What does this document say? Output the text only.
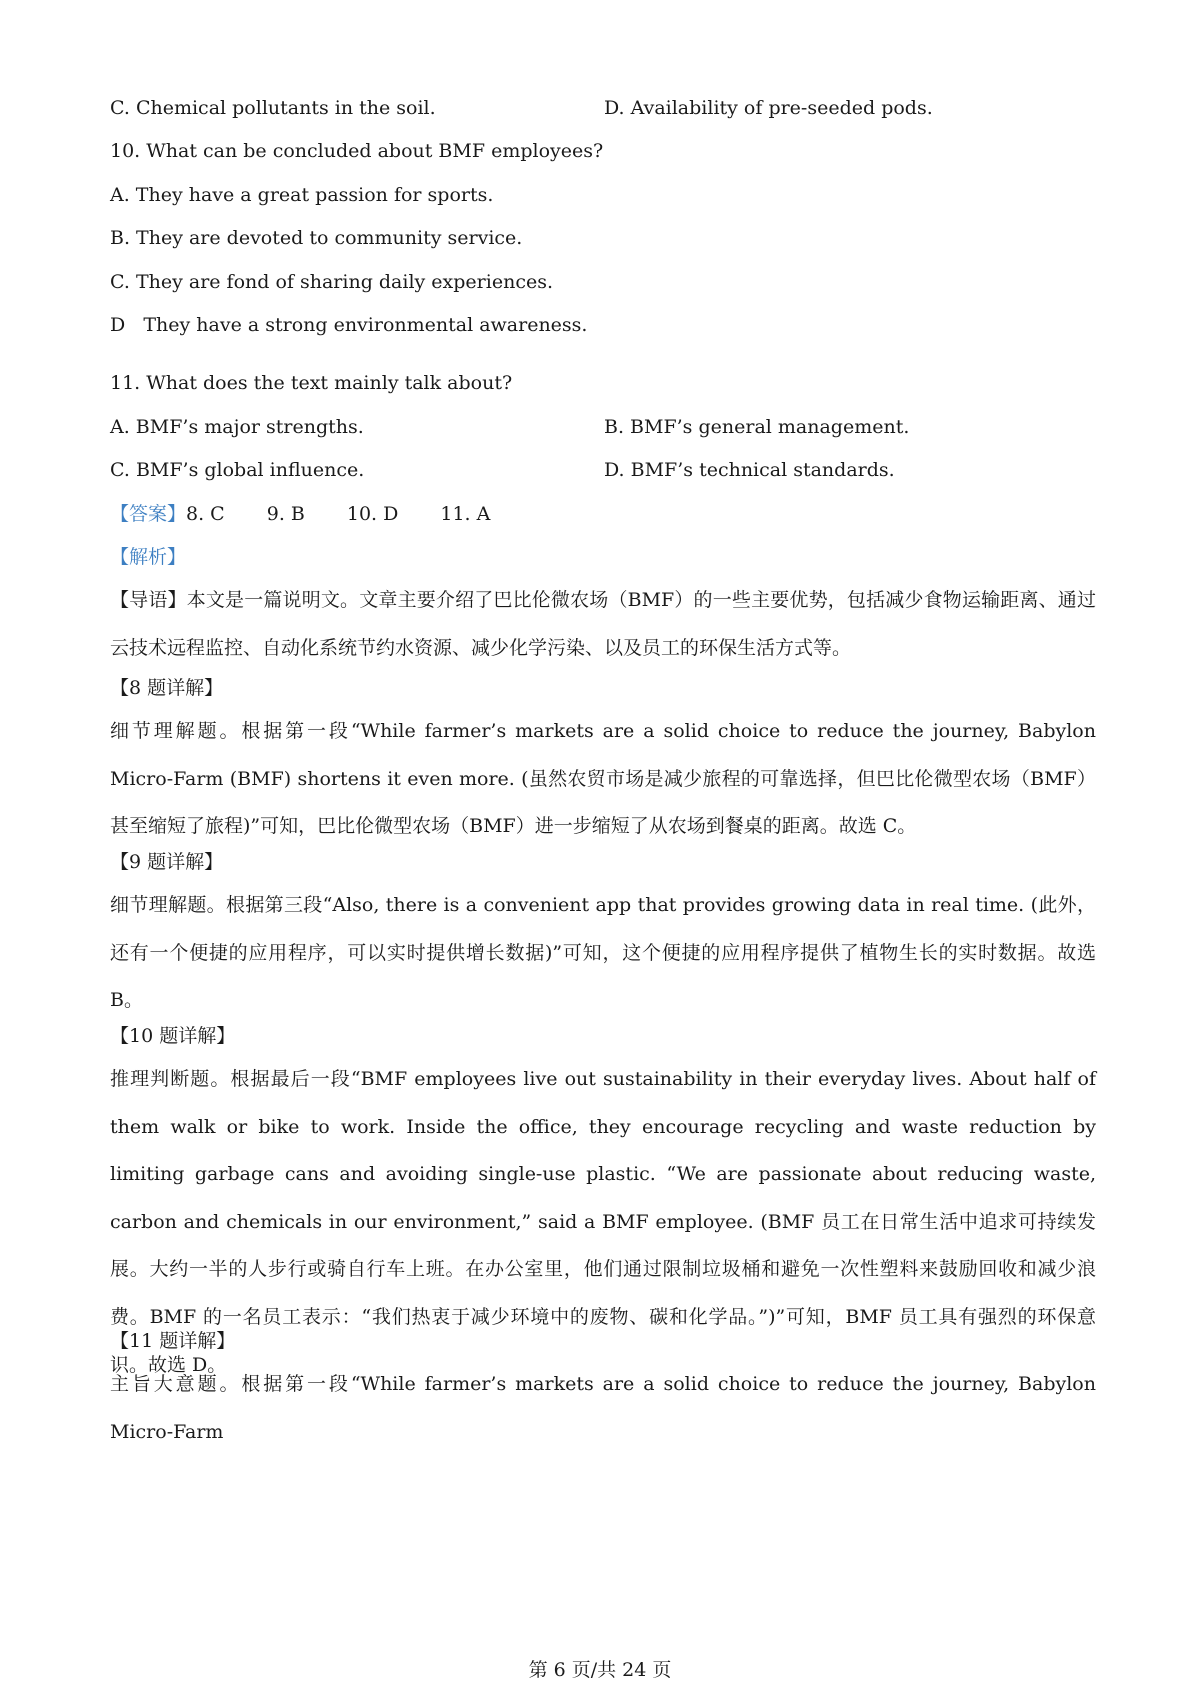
C. Chemical pollutants in the soil.	D. Availability of pre-seeded pods.
10. What can be concluded about BMF employees?
A. They have a great passion for sports.
B. They are devoted to community service.
C. They are fond of sharing daily experiences.
D   They have a strong environmental awareness.
11. What does the text mainly talk about?
A. BMF’s major strengths.	B. BMF’s general management.
C. BMF’s global influence.	D. BMF’s technical standards.
【答案】8. C 9. B 10. D 11. A
【解析】
【导语】本文是一篇说明文。文章主要介绍了巴比伦微农场（BMF）的一些主要优势，包括减少食物运输距离、通过云技术远程监控、自动化系统节约水资源、减少化学污染、以及员工的环保生活方式等。
【8 题详解】
细节理解题。根据第一段“While farmer’s markets are a solid choice to reduce the journey, Babylon Micro-Farm (BMF) shortens it even more. (虽然农贸市场是减少旅程的可靠选择，但巴比伦微型农场（BMF）甚至缩短了旅程)”可知，巴比伦微型农场（BMF）进一步缩短了从农场到餐桌的距离。故选 C。
【9 题详解】
细节理解题。根据第三段“Also, there is a convenient app that provides growing data in real time. (此外，还有一个便捷的应用程序，可以实时提供增长数据)”可知，这个便捷的应用程序提供了植物生长的实时数据。故选 B。
【10 题详解】
推理判断题。根据最后一段“BMF employees live out sustainability in their everyday lives. About half of them walk or bike to work. Inside the office, they encourage recycling and waste reduction by limiting garbage cans and avoiding single-use plastic. “We are passionate about reducing waste, carbon and chemicals in our environment,” said a BMF employee. (BMF 员工在日常生活中追求可持续发展。大约一半的人步行或骑自行车上班。在办公室里，他们通过限制垃圾桶和避免一次性塑料来鼓励回收和减少浪费。BMF 的一名员工表示：“我们热衷于减少环境中的废物、碳和化学品。”)”可知，BMF 员工具有强烈的环保意识。故选 D。
【11 题详解】
主旨大意题。根据第一段“While farmer’s markets are a solid choice to reduce the journey, Babylon Micro-Farm
第 6 页/共 24 页
